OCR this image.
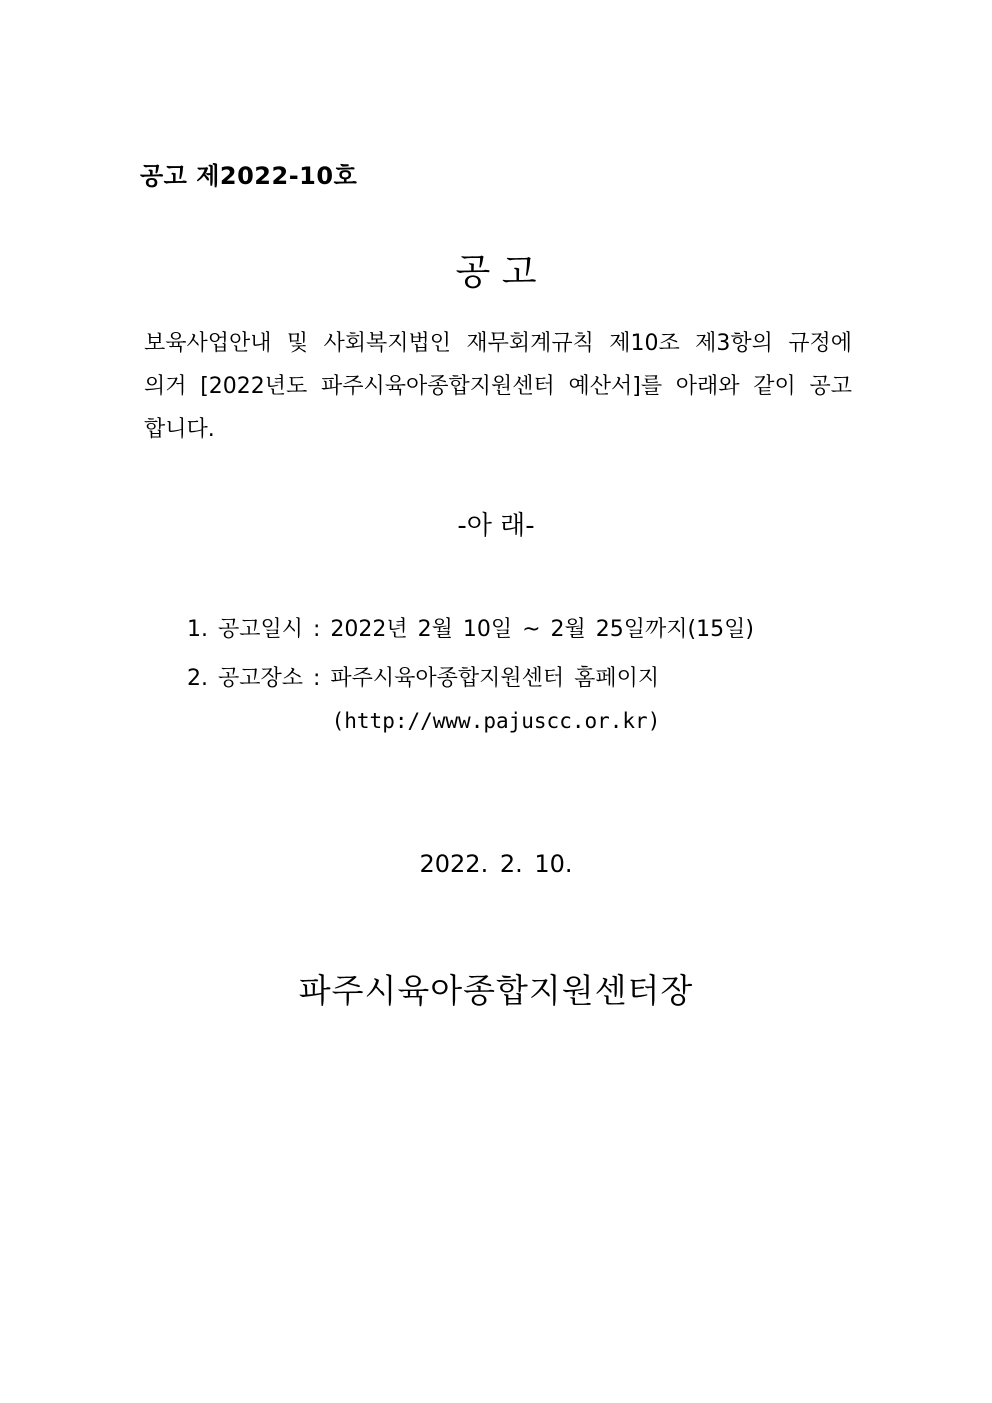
공고 제2022-10호
공 고
보육사업안내 및 사회복지법인 재무회계규칙 제10조 제3항의 규정에
의거 [2022년도 파주시육아종합지원센터 예산서]를 아래와 같이 공고
합니다.
-아 래-
1. 공고일시 : 2022년 2월 10일 ~ 2월 25일까지(15일)
2. 공고장소 : 파주시육아종합지원센터 홈페이지
(http://www.pajuscc.or.kr)
2022. 2. 10.
파주시육아종합지원센터장
